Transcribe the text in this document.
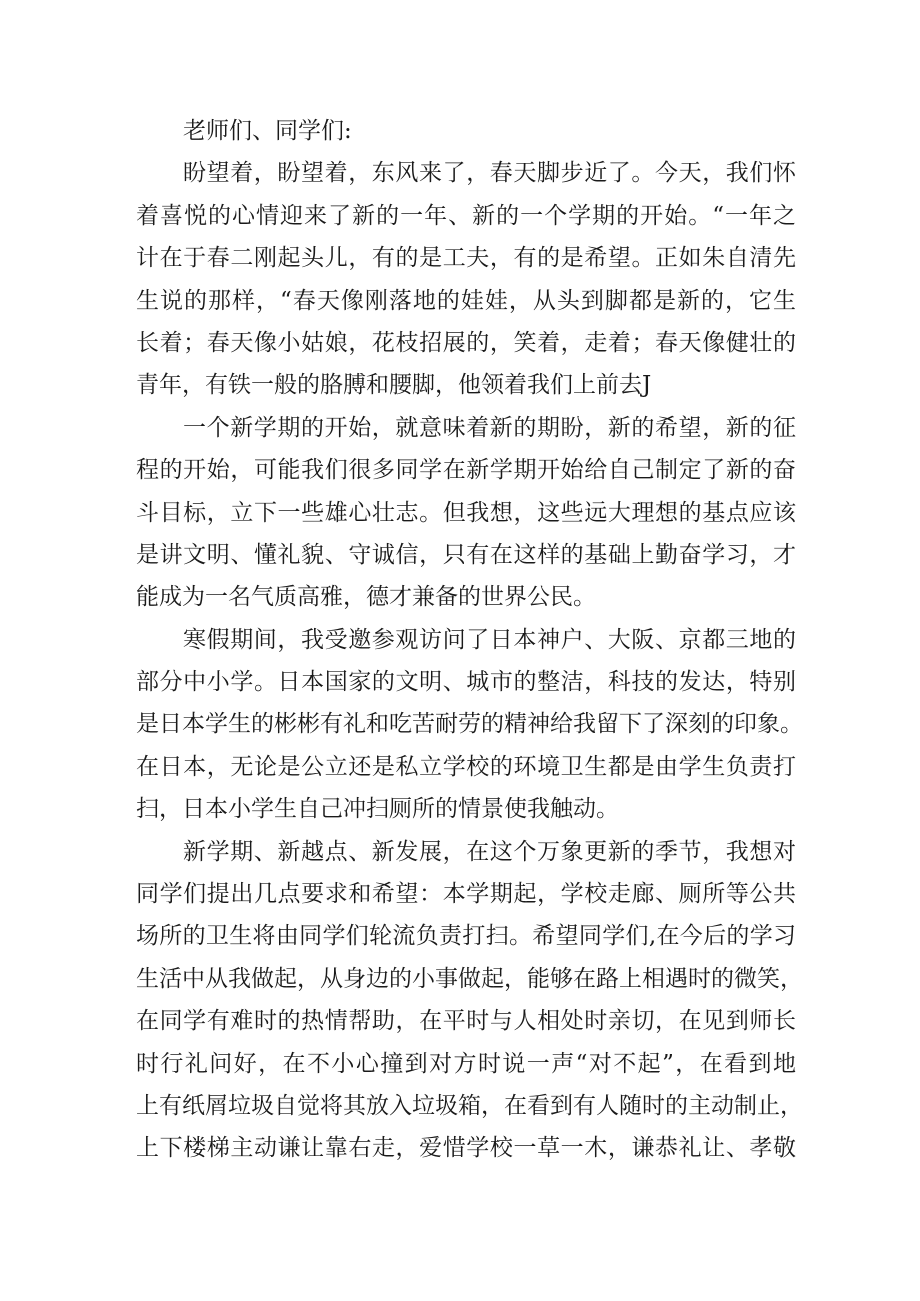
老师们、同学们:
盼望着，盼望着，东风来了，春天脚步近了。今天，我们怀
着喜悦的心情迎来了新的一年、新的一个学期的开始。“一年之
计在于春二刚起头儿，有的是工夫，有的是希望。正如朱自清先
生说的那样，“春天像刚落地的娃娃，从头到脚都是新的，它生
长着；春天像小姑娘，花枝招展的，笑着，走着；春天像健壮的
青年，有铁一般的胳膊和腰脚，他领着我们上前去J
一个新学期的开始，就意味着新的期盼，新的希望，新的征
程的开始，可能我们很多同学在新学期开始给自己制定了新的奋
斗目标，立下一些雄心壮志。但我想，这些远大理想的基点应该
是讲文明、懂礼貌、守诚信，只有在这样的基础上勤奋学习，才
能成为一名气质高雅，德才兼备的世界公民。
寒假期间，我受邀参观访问了日本神户、大阪、京都三地的
部分中小学。日本国家的文明、城市的整洁，科技的发达，特别
是日本学生的彬彬有礼和吃苦耐劳的精神给我留下了深刻的印象。
在日本，无论是公立还是私立学校的环境卫生都是由学生负责打
扫，日本小学生自己冲扫厕所的情景使我触动。
新学期、新越点、新发展，在这个万象更新的季节，我想对
同学们提出几点要求和希望：本学期起，学校走廊、厕所等公共
场所的卫生将由同学们轮流负责打扫。希望同学们,在今后的学习
生活中从我做起，从身边的小事做起，能够在路上相遇时的微笑，
在同学有难时的热情帮助，在平时与人相处时亲切，在见到师长
时行礼问好，在不小心撞到对方时说一声“对不起”，在看到地
上有纸屑垃圾自觉将其放入垃圾箱，在看到有人随时的主动制止，
上下楼梯主动谦让靠右走，爱惜学校一草一木，谦恭礼让、孝敬
